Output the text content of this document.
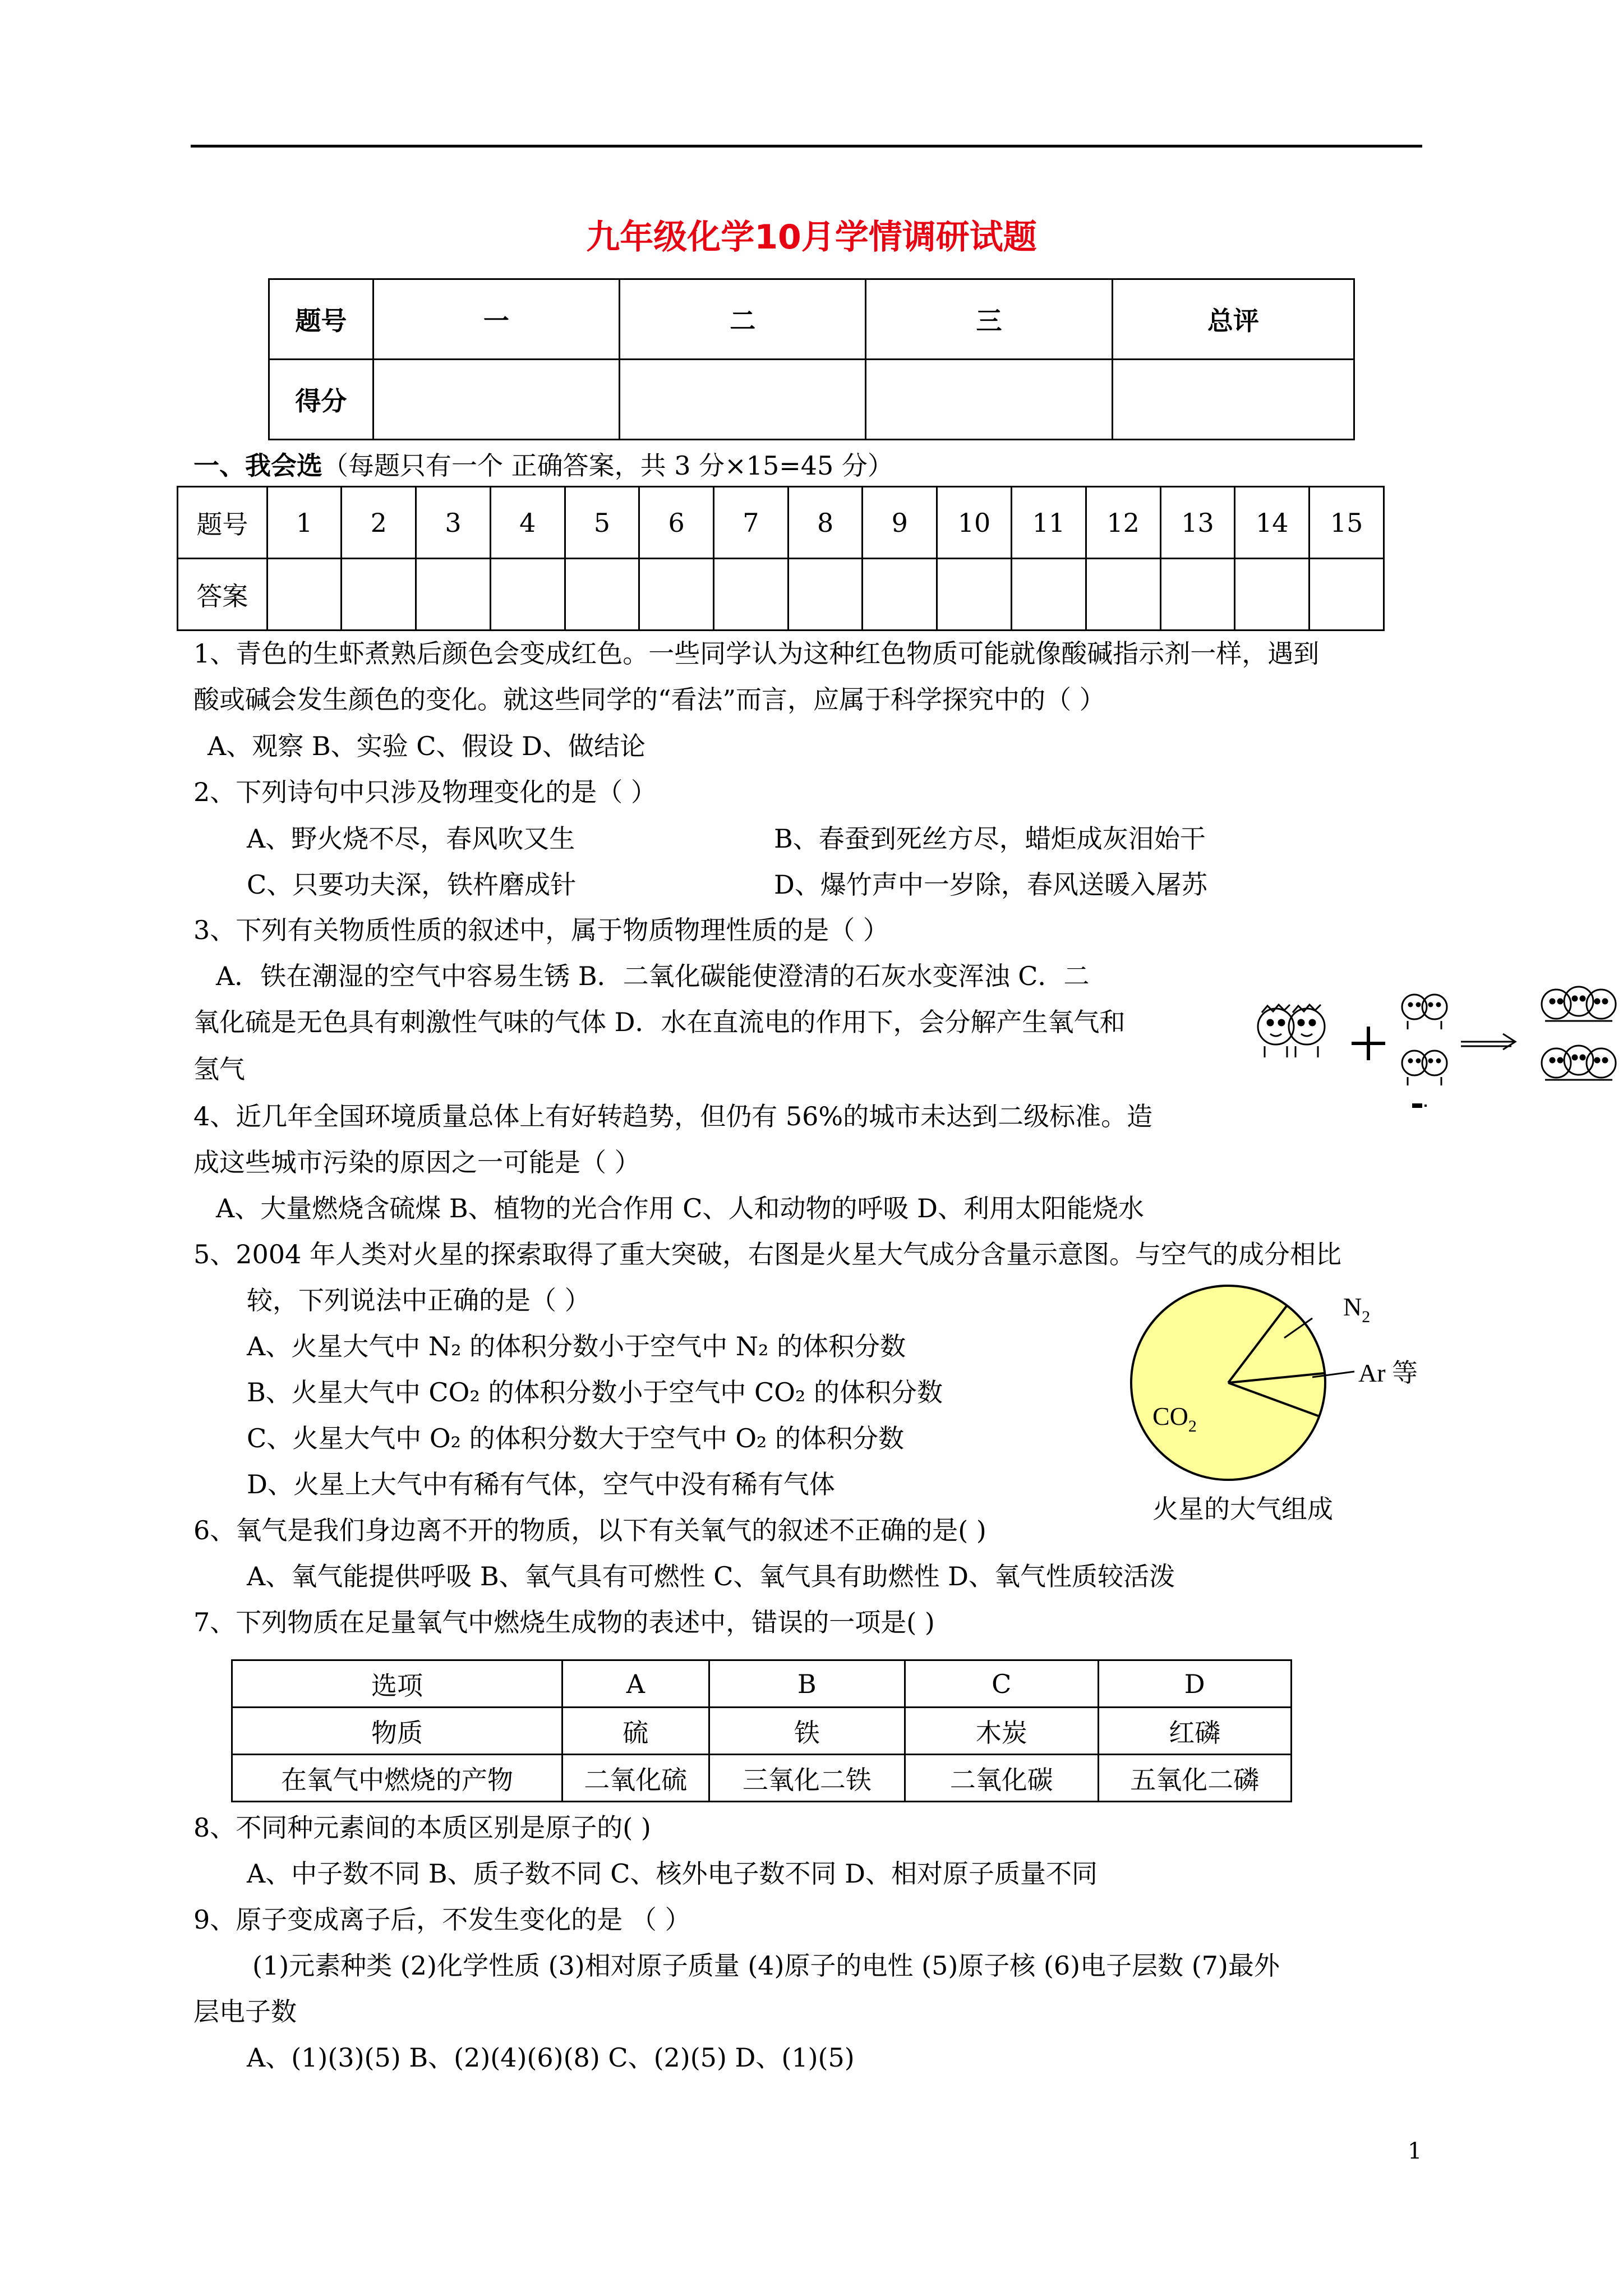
九年级化学10月学情调研试题
题号	一	二	三	总评
得分				
一、我会选（每题只有一个 正确答案，共 3 分×15=45 分）
题号	1	2	3	4	5	6	7	8	9	10	11	12	13	14	15
答案															
1、青色的生虾煮熟后颜色会变成红色。一些同学认为这种红色物质可能就像酸碱指示剂一样，遇到
酸或碱会发生颜色的变化。就这些同学的“看法”而言，应属于科学探究中的（ ）
A、观察 B、实验 C、假设 D、做结论
2、下列诗句中只涉及物理变化的是（ ）
A、野火烧不尽，春风吹又生	B、春蚕到死丝方尽，蜡炬成灰泪始干
C、只要功夫深，铁杵磨成针	D、爆竹声中一岁除，春风送暖入屠苏
3、下列有关物质性质的叙述中，属于物质物理性质的是（ ）
A．铁在潮湿的空气中容易生锈 B．二氧化碳能使澄清的石灰水变浑浊 C．二
氧化硫是无色具有刺激性气味的气体 D．水在直流电的作用下，会分解产生氧气和
氢气
4、近几年全国环境质量总体上有好转趋势，但仍有 56%的城市未达到二级标准。造
成这些城市污染的原因之一可能是（ ）
A、大量燃烧含硫煤 B、植物的光合作用 C、人和动物的呼吸 D、利用太阳能烧水
5、2004 年人类对火星的探索取得了重大突破，右图是火星大气成分含量示意图。与空气的成分相比
较，下列说法中正确的是（ ）
A、火星大气中 N₂ 的体积分数小于空气中 N₂ 的体积分数
B、火星大气中 CO₂ 的体积分数小于空气中 CO₂ 的体积分数
C、火星大气中 O₂ 的体积分数大于空气中 O₂ 的体积分数
D、火星上大气中有稀有气体，空气中没有稀有气体
$N_2$
Ar 等
$CO_2$
火星的大气组成
6、氧气是我们身边离不开的物质，以下有关氧气的叙述不正确的是( )
A、氧气能提供呼吸 B、氧气具有可燃性 C、氧气具有助燃性 D、氧气性质较活泼
7、下列物质在足量氧气中燃烧生成物的表述中，错误的一项是( )
选项	A	B	C	D
物质	硫	铁	木炭	红磷
在氧气中燃烧的产物	二氧化硫	三氧化二铁	二氧化碳	五氧化二磷
8、不同种元素间的本质区别是原子的( )
A、中子数不同 B、质子数不同 C、核外电子数不同 D、相对原子质量不同
9、原子变成离子后，不发生变化的是 （ ）
(1)元素种类 (2)化学性质 (3)相对原子质量 (4)原子的电性 (5)原子核 (6)电子层数 (7)最外
层电子数
A、(1)(3)(5) B、(2)(4)(6)(8) C、(2)(5) D、(1)(5)
1
